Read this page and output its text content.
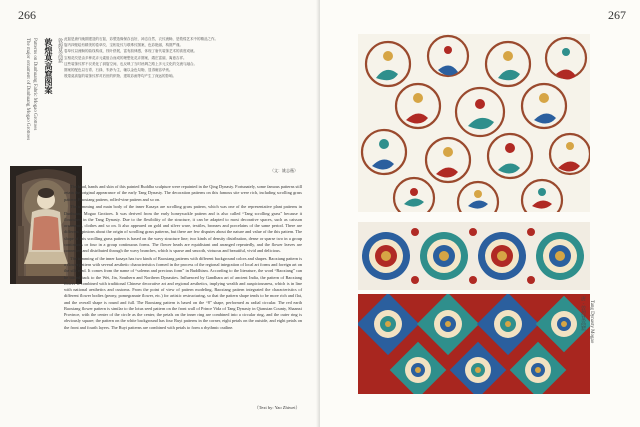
266
The major ornament of Dunhuang Mogao Grottoes Patterns on Dunhuang Fabric Mogao Grottoes 敦煌莫高窟图案 敦煌莫高窟 此窟是唐代晚期建造的石窟，彩塑造像保存良好，神态自然，衣纹流畅，是敦煌艺术中的精品之作。
窟内四壁绘有精美的卷草纹、宝相花纹与联珠纹图案，色彩艳丽，构图严谨。
卷草纹以流畅的曲线构成，枝叶舒展，富有韵律感，体现了唐代装饰艺术的高度成就。
宝相花纹是由多种花卉元素组合而成的理想化花卉图案，端庄富丽，寓意吉祥。
这些装饰纹样不仅美化了洞窟空间，也反映了当时丝绸之路上多元文化的交流与融合。
图案的配色以石青、石绿、朱砂为主，辅以金色勾勒，显得雍容华贵。
敦煌莫高窟的装饰纹样对后世的织物、建筑彩画等均产生了深远的影响。
（文：姚志薇）

The head, hands and skin of this painted Buddha sculpture were repainted in the Qing Dynasty. Fortunately, some famous patterns still retain the original appearance of the early Tang Dynasty. The decoration patterns on this famous site were rich, including scrolling grass pattern, Baoxiang pattern, rolled-vine pattern and so on.

The trimming and main body of the inner Kasaya are scrolling grass pattern, which was one of the representative plant patterns in Dunhuang Mogao Grottoes. It was derived from the early honeysuckle pattern and is also called “Tang scrolling grass” because it flourished in the Tang Dynasty. Due to the flexibility of the structure, it can be adapted to most decorative spaces, such as caisson ornaments, clothes and so on. It also appeared on gold and silver ware, textiles, bronzes and porcelains of the same period. There are different opinions about the origin of scrolling grass patterns, but there are few disputes about the nature and value of the this pattern. The shape of this scrolling grass pattern is based on the wavy structure line; two kinds of density distribution, dense or sparse two in a group continuous or four in a group continuous forms. The flower heads are equidistant and arranged repeatedly, and the flower leaves are connected and distributed through the wavy branches, which is sparse and smooth, virtuous and beautiful, vivid and delicious.

The trimming of the inner kasaya has two kinds of Baoxiang patterns with different background colors and shapes. Baoxiang pattern is a flower pattern with several aesthetic characteristics formed in the process of the regional integration of local art forms and foreign art on the silk road. It comes from the name of “solemn and precious form” in Buddhism. According to the literature, the word “Baoxiang” can be traced back to the Wei, Jin, Southern and Northern Dynasties. Influenced by Gandhara art of ancient India, the pattern of Baoxiang flower is combined with traditional Chinese decorative art and regional aesthetics, implying wealth and auspiciousness, which is in line with national aesthetics and customs. From the point of view of pattern modeling, Baoxiang pattern integrated the characteristics of different flower bodies (peony, pomegranate flower, etc.) for artistic restructuring, so that the pattern shape tends to be more rich and flat, and the overall shape is round and full. The Baoxiang pattern is based on the “8” shape, performed as radial circular. The red earth Baoxiang flower pattern is similar to the lotus seed pattern on the front wall of Prince Vida of Tang Dynasty in Qianxian County, Shaanxi Province, with the center of the circle as the center, the petals on the inner ring are combined into a circular ring, and the outer ring is obviously square; the pattern on the white background has four Ruyi patterns in the corner, eight petals on the outside, and eight petals on the front and fourth layers. The Ruyi patterns are combined with petals to form a rhythmic outline.

（Text by: Yao Zhiwei）
267
唐 · 敦煌莫高窟 Tang Dynasty Mogao
